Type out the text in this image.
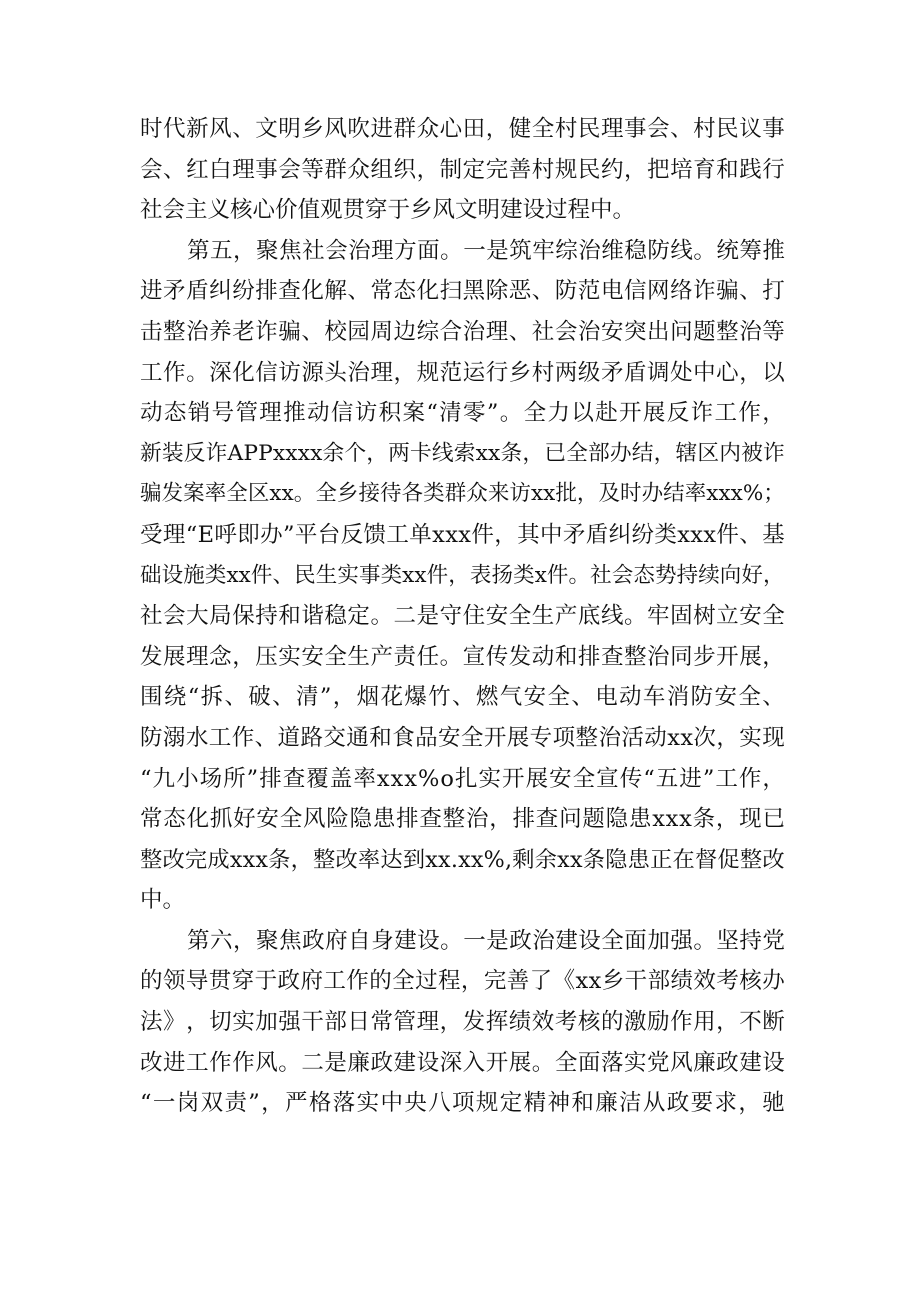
时 代 新 风 、 文 明 乡 风 吹 进 群 众 心 田 ， 健 全 村 民 理 事 会 、 村 民 议 事
会 、 红 白 理 事 会 等 群 众 组 织 ， 制 定 完 善 村 规 民 约 ， 把 培 育 和 践 行
社会主义核心价值观贯穿于乡风文明建设过程中。
第 五 ， 聚 焦 社 会 治 理 方 面 。 一 是 筑 牢 综 治 维 稳 防 线 。 统 筹 推
进 矛 盾 纠 纷 排 查 化 解 、 常 态 化 扫 黑 除 恶 、 防 范 电 信 网 络 诈 骗 、 打
击 整 治 养 老 诈 骗 、 校 园 周 边 综 合 治 理 、 社 会 治 安 突 出 问 题 整 治 等
工 作 。 深 化 信 访 源 头 治 理 ， 规 范 运 行 乡 村 两 级 矛 盾 调 处 中 心 ， 以
动 态 销 号 管 理 推 动 信 访 积 案 “ 清 零 ” 。 全 力 以 赴 开 展 反 诈 工 作 ，
新 装 反 诈 A P P x x x x 余 个 ， 两 卡 线 索 x x 条 ， 已 全 部 办 结 ， 辖 区 内 被 诈
骗 发 案 率 全 区 x x 。 全 乡 接 待 各 类 群 众 来 访 x x 批 ， 及 时 办 结 率 x x x % ；
受 理 “ E 呼 即 办 ” 平 台 反 馈 工 单 x x x 件 ， 其 中 矛 盾 纠 纷 类 x x x 件 、 基
础 设 施 类 x x 件 、 民 生 实 事 类 x x 件 ， 表 扬 类 x 件 。 社 会 态 势 持 续 向 好 ，
社 会 大 局 保 持 和 谐 稳 定 。 二 是 守 住 安 全 生 产 底 线 。 牢 固 树 立 安 全
发 展 理 念 ， 压 实 安 全 生 产 责 任 。 宣 传 发 动 和 排 查 整 治 同 步 开 展 ，
围 绕 “ 拆 、 破 、 清 ” ， 烟 花 爆 竹 、 燃 气 安 全 、 电 动 车 消 防 安 全 、
防 溺 水 工 作 、 道 路 交 通 和 食 品 安 全 开 展 专 项 整 治 活 动 x x 次 ， 实 现
“ 九 小 场 所 ” 排 查 覆 盖 率 x x x % o 扎 实 开 展 安 全 宣 传 “ 五 进 ” 工 作 ，
常 态 化 抓 好 安 全 风 险 隐 患 排 查 整 治 ， 排 查 问 题 隐 患 x x x 条 ， 现 已
整 改 完 成 x x x 条 ， 整 改 率 达 到 x x . x x % , 剩 余 x x 条 隐 患 正 在 督 促 整 改
中。
第 六 ， 聚 焦 政 府 自 身 建 设 。 一 是 政 治 建 设 全 面 加 强 。 坚 持 党
的 领 导 贯 穿 于 政 府 工 作 的 全 过 程 ， 完 善 了 《 x x 乡 干 部 绩 效 考 核 办
法 》 ， 切 实 加 强 干 部 日 常 管 理 ， 发 挥 绩 效 考 核 的 激 励 作 用 ， 不 断
改 进 工 作 作 风 。 二 是 廉 政 建 设 深 入 开 展 。 全 面 落 实 党 风 廉 政 建 设
“ 一 岗 双 责 ” ， 严 格 落 实 中 央 八 项 规 定 精 神 和 廉 洁 从 政 要 求 ， 驰
